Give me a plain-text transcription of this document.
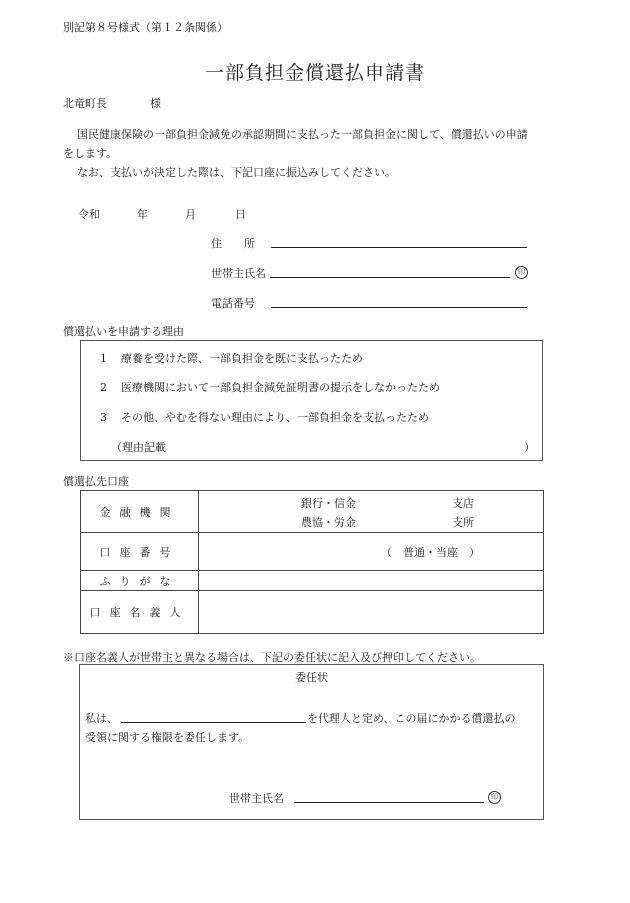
別記第８号様式（第１２条関係）
一部負担金償還払申請書
北竜町長	様
国民健康保険の一部負担金減免の承認期間に支払った一部負担金に関して、償還払いの申請
をします。
なお、支払いが決定した際は、下記口座に振込みしてください。
令和	年	月	日
住　　所
世帯主氏名	印
電話番号
償還払いを申請する理由
1 療養を受けた際、一部負担金を既に支払ったため
2 医療機関において一部負担金減免証明書の提示をしなかったため
3 その他、やむを得ない理由により、一部負担金を支払ったため
（理由記載	）
償還払先口座
金融機関	銀行・信金
農協・労金
支店
支所

口座番号	（　普通・当座　）

ふりがな	
口座名義人	
※口座名義人が世帯主と異なる場合は、下記の委任状に記入及び押印してください。
委任状
私は、	を代理人と定め、この届にかかる償還払の
受領に関する権限を委任します。
世帯主氏名	印
